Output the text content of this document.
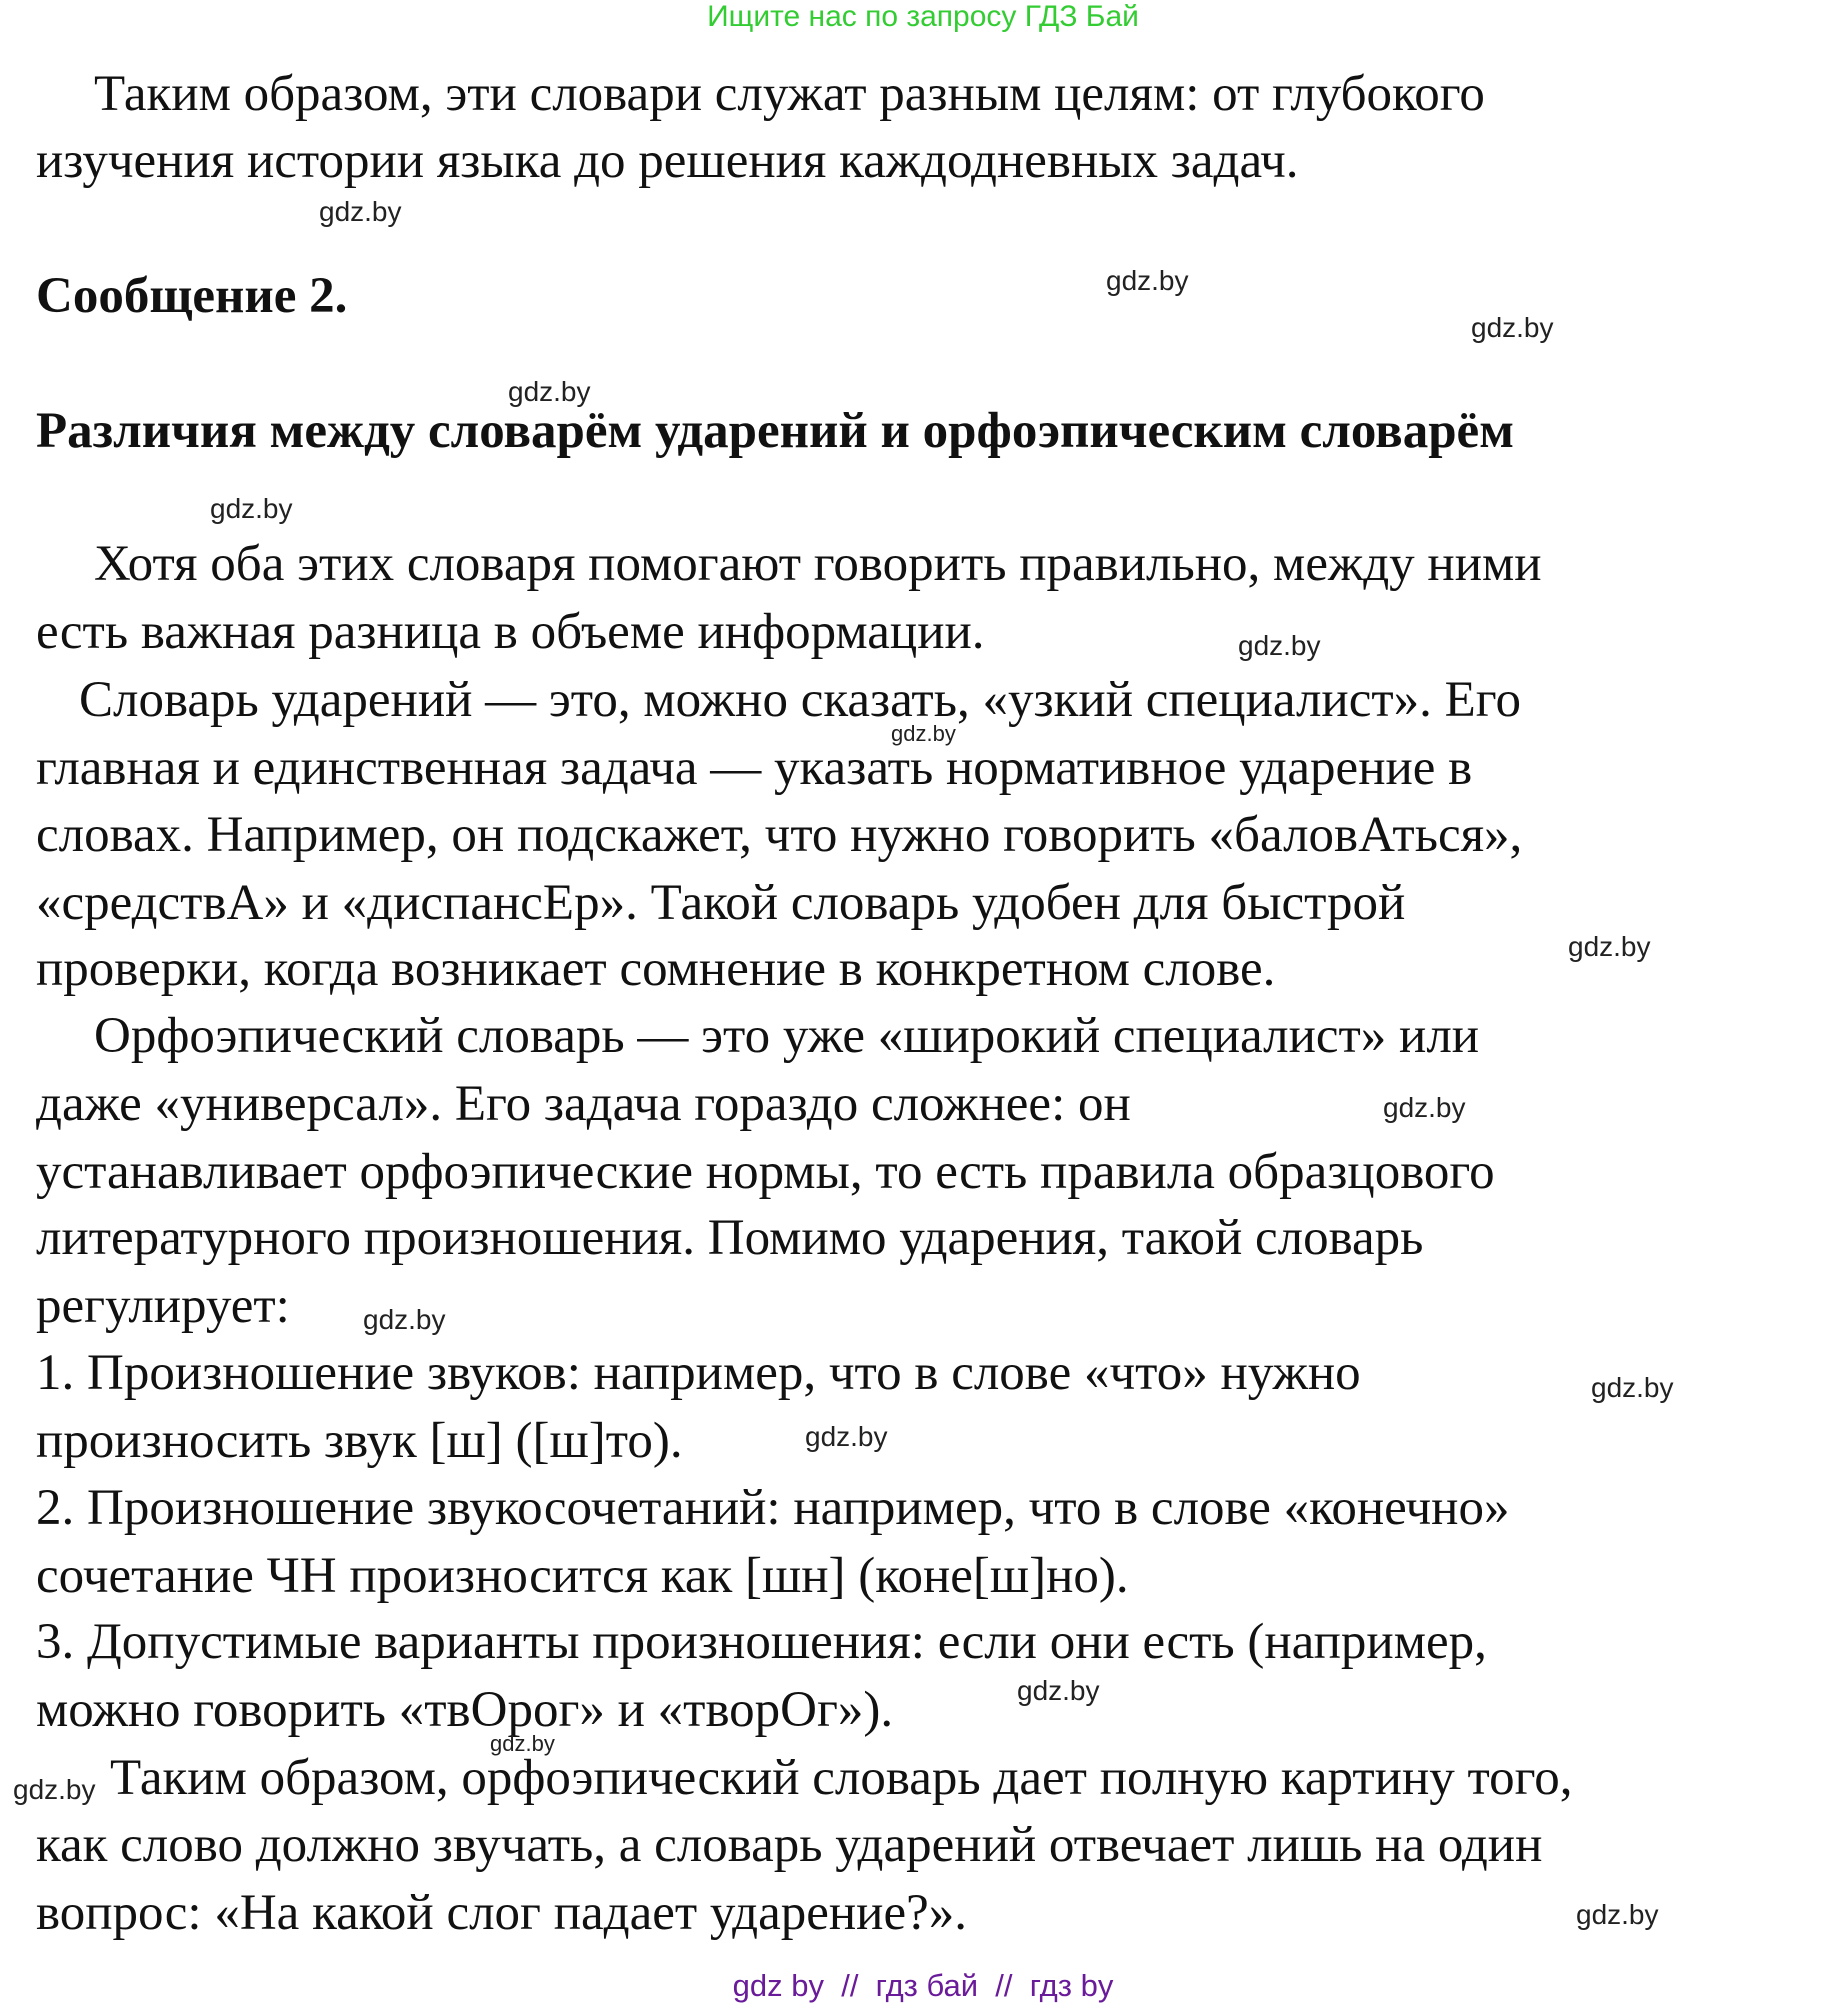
Ищите нас по запросу ГДЗ Бай
Таким образом, эти словари служат разным целям: от глубокого
изучения истории языка до решения каждодневных задач.
Сообщение 2.
Различия между словарём ударений и орфоэпическим словарём
Хотя оба этих словаря помогают говорить правильно, между ними
есть важная разница в объеме информации.
Словарь ударений — это, можно сказать, «узкий специалист». Его
главная и единственная задача — указать нормативное ударение в
словах. Например, он подскажет, что нужно говорить «баловАться»,
«средствА» и «диспансЕр». Такой словарь удобен для быстрой
проверки, когда возникает сомнение в конкретном слове.
Орфоэпический словарь — это уже «широкий специалист» или
даже «универсал». Его задача гораздо сложнее: он
устанавливает орфоэпические нормы, то есть правила образцового
литературного произношения. Помимо ударения, такой словарь
регулирует:
1. Произношение звуков: например, что в слове «что» нужно
произносить звук [ш] ([ш]то).
2. Произношение звукосочетаний: например, что в слове «конечно»
сочетание ЧН произносится как [шн] (коне[ш]но).
3. Допустимые варианты произношения: если они есть (например,
можно говорить «твОрог» и «творОг»).
Таким образом, орфоэпический словарь дает полную картину того,
как слово должно звучать, а словарь ударений отвечает лишь на один
вопрос: «На какой слог падает ударение?».
gdz.by
gdz.by
gdz.by
gdz.by
gdz.by
gdz.by
gdz.by
gdz.by
gdz.by
gdz.by
gdz.by
gdz.by
gdz.by
gdz.by
gdz.by
gdz.by
gdz by  //  гдз бай  //  гдз by
